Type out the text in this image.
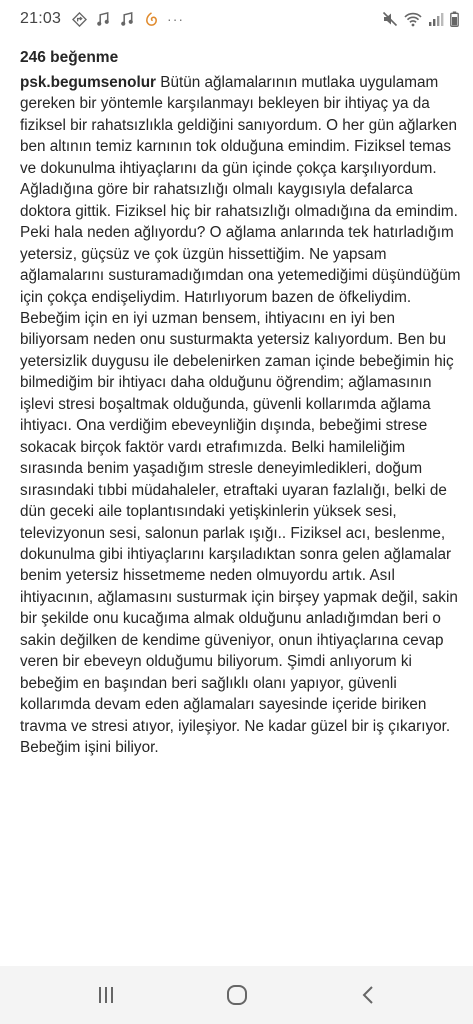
21:03	···
246 beğenme

psk.begumsenolur Bütün ağlamalarının mutlaka uygulamam gereken bir yöntemle karşılanmayı bekleyen bir ihtiyaç ya da fiziksel bir rahatsızlıkla geldiğini sanıyordum. O her gün ağlarken ben altının temiz karnının tok olduğuna emindim. Fiziksel temas ve dokunulma ihtiyaçlarını da gün içinde çokça karşılıyordum. Ağladığına göre bir rahatsızlığı olmalı kaygısıyla defalarca doktora gittik. Fiziksel hiç bir rahatsızlığı olmadığına da emindim.

Peki hala neden ağlıyordu? O ağlama anlarında tek hatırladığım yetersiz, güçsüz ve çok üzgün hissettiğim. Ne yapsam ağlamalarını susturamadığımdan ona yetemediğimi düşündüğüm için çokça endişeliydim. Hatırlıyorum bazen de öfkeliydim. Bebeğim için en iyi uzman bensem, ihtiyacını en iyi ben biliyorsam neden onu susturmakta yetersiz kalıyordum. Ben bu yetersizlik duygusu ile debelenirken zaman içinde bebeğimin hiç bilmediğim bir ihtiyacı daha olduğunu öğrendim; ağlamasının işlevi stresi boşaltmak olduğunda, güvenli kollarımda ağlama ihtiyacı. Ona verdiğim ebeveynliğin dışında, bebeğimi strese sokacak birçok faktör vardı etrafımızda. Belki hamileliğim sırasında benim yaşadığım stresle deneyimledikleri, doğum sırasındaki tıbbi müdahaleler, etraftaki uyaran fazlalığı, belki de dün geceki aile toplantısındaki yetişkinlerin yüksek sesi, televizyonun sesi, salonun parlak ışığı.. Fiziksel acı, beslenme, dokunulma gibi ihtiyaçlarını karşıladıktan sonra gelen ağlamalar benim yetersiz hissetmeme neden olmuyordu artık. Asıl ihtiyacının, ağlamasını susturmak için birşey yapmak değil, sakin bir şekilde onu kucağıma almak olduğunu anladığımdan beri o sakin değilken de kendime güveniyor, onun ihtiyaçlarına cevap veren bir ebeveyn olduğumu biliyorum. Şimdi anlıyorum ki bebeğim en başından beri sağlıklı olanı yapıyor, güvenli kollarımda devam eden ağlamaları sayesinde içeride biriken travma ve stresi atıyor, iyileşiyor. Ne kadar güzel bir iş çıkarıyor. Bebeğim işini biliyor.
